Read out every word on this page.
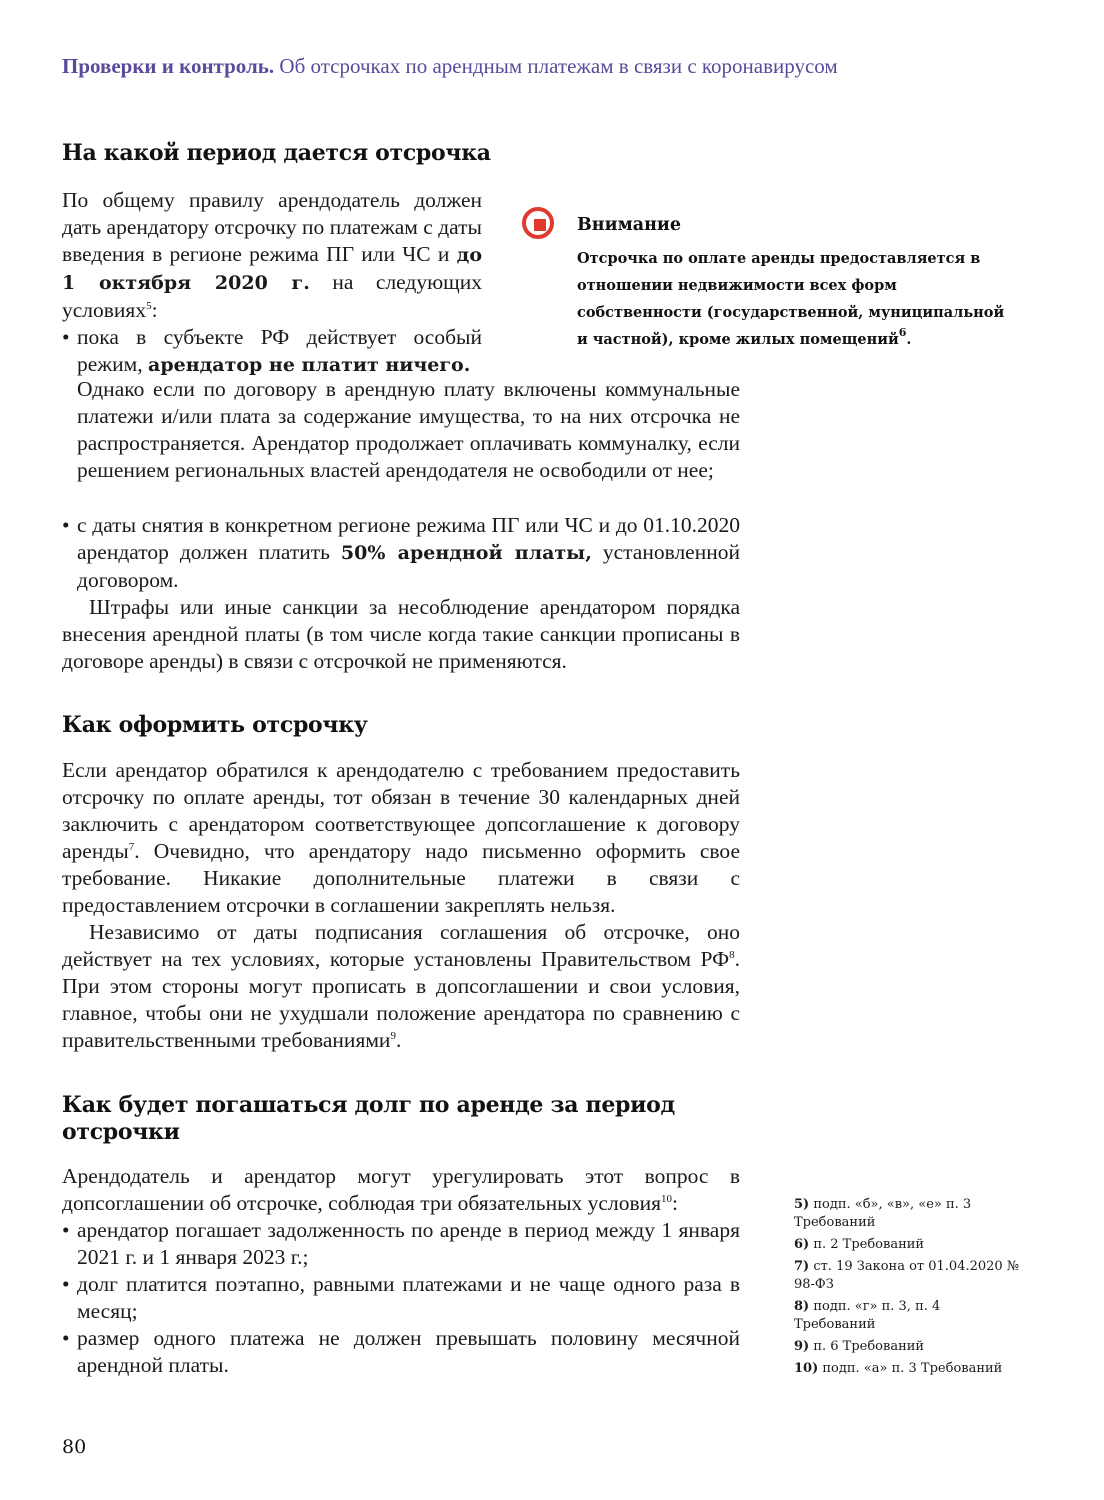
Проверки и контроль. Об отсрочках по арендным платежам в связи с коронавирусом
На какой период дается отсрочка

По общему правилу арендодатель должен дать арендатору отсрочку по платежам с даты введения в регионе режима ПГ или ЧС и до 1 октября 2020 г. на следующих условиях$^5$:

• пока в субъекте РФ действует особый режим, арендатор не платит ничего.

Однако если по договору в арендную плату включены коммунальные платежи и/или плата за содержание имущества, то на них отсрочка не распространяется. Арендатор продолжает оплачивать коммуналку, если решением региональных властей арендодателя не освободили от нее;

• с даты снятия в конкретном регионе режима ПГ или ЧС и до 01.10.2020 арендатор должен платить 50% арендной платы, установленной договором.

Штрафы или иные санкции за несоблюдение арендатором порядка внесения арендной платы (в том числе когда такие санкции прописаны в договоре аренды) в связи с отсрочкой не применяются.

Внимание
Отсрочка по оплате аренды предоставляется в отношении недвижимости всех форм собственности (государственной, муниципальной и частной), кроме жилых помещений$^6$.
Как оформить отсрочку

Если арендатор обратился к арендодателю с требованием предоставить отсрочку по оплате аренды, тот обязан в течение 30 календарных дней заключить с арендатором соответствующее допсоглашение к договору аренды$^7$. Очевидно, что арендатору надо письменно оформить свое требование. Никакие дополнительные платежи в связи с предоставлением отсрочки в соглашении закреплять нельзя.

Независимо от даты подписания соглашения об отсрочке, оно действует на тех условиях, которые установлены Правительством $РФ^8$. При этом стороны могут прописать в допсоглашении и свои условия, главное, чтобы они не ухудшали положение арендатора по сравнению с правительственными требованиями$^9$.

Как будет погашаться долг по аренде за период отсрочки

Арендодатель и арендатор могут урегулировать этот вопрос в допсоглашении об отсрочке, соблюдая три обязательных условия$^{10}$:

• арендатор погашает задолженность по аренде в период между 1 января 2021 г. и 1 января 2023 г.;
• долг платится поэтапно, равными платежами и не чаще одного раза в месяц;
• размер одного платежа не должен превышать половину месячной арендной платы.
5) подп. «б», «в», «е» п. 3 Требований
6) п. 2 Требований
7) ст. 19 Закона от 01.04.2020 № 98-ФЗ
8) подп. «г» п. 3, п. 4 Требований
9) п. 6 Требований
10) подп. «а» п. 3 Требований
80
